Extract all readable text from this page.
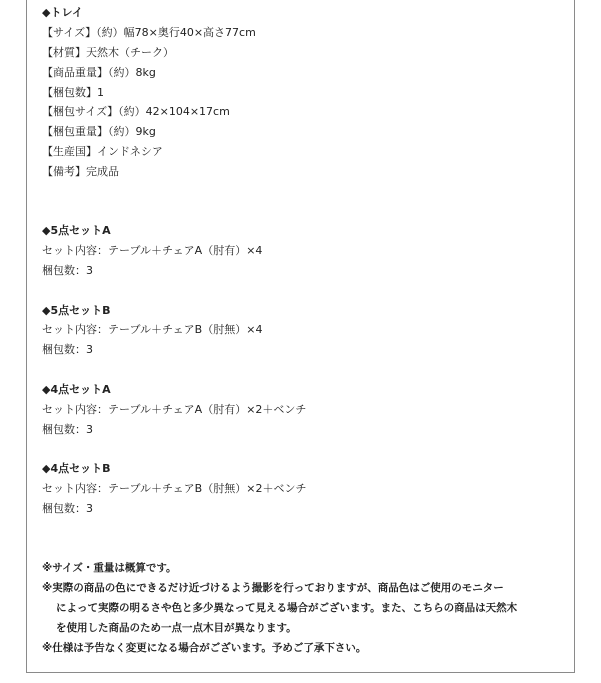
◆トレイ
【サイズ】（約）幅78×奥行40×高さ77cm
【材質】天然木（チーク）
【商品重量】（約）8kg
【梱包数】1
【梱包サイズ】（約）42×104×17cm
【梱包重量】（約）9kg
【生産国】インドネシア
【備考】完成品
◆5点セットA
セット内容：テーブル＋チェアA（肘有）×4
梱包数：3
◆5点セットB
セット内容：テーブル＋チェアB（肘無）×4
梱包数：3
◆4点セットA
セット内容：テーブル＋チェアA（肘有）×2＋ベンチ
梱包数：3
◆4点セットB
セット内容：テーブル＋チェアB（肘無）×2＋ベンチ
梱包数：3
※サイズ・重量は概算です。
※実際の商品の色にできるだけ近づけるよう撮影を行っておりますが、商品色はご使用のモニター
によって実際の明るさや色と多少異なって見える場合がございます。また、こちらの商品は天然木
を使用した商品のため一点一点木目が異なります。
※仕様は予告なく変更になる場合がございます。予めご了承下さい。
